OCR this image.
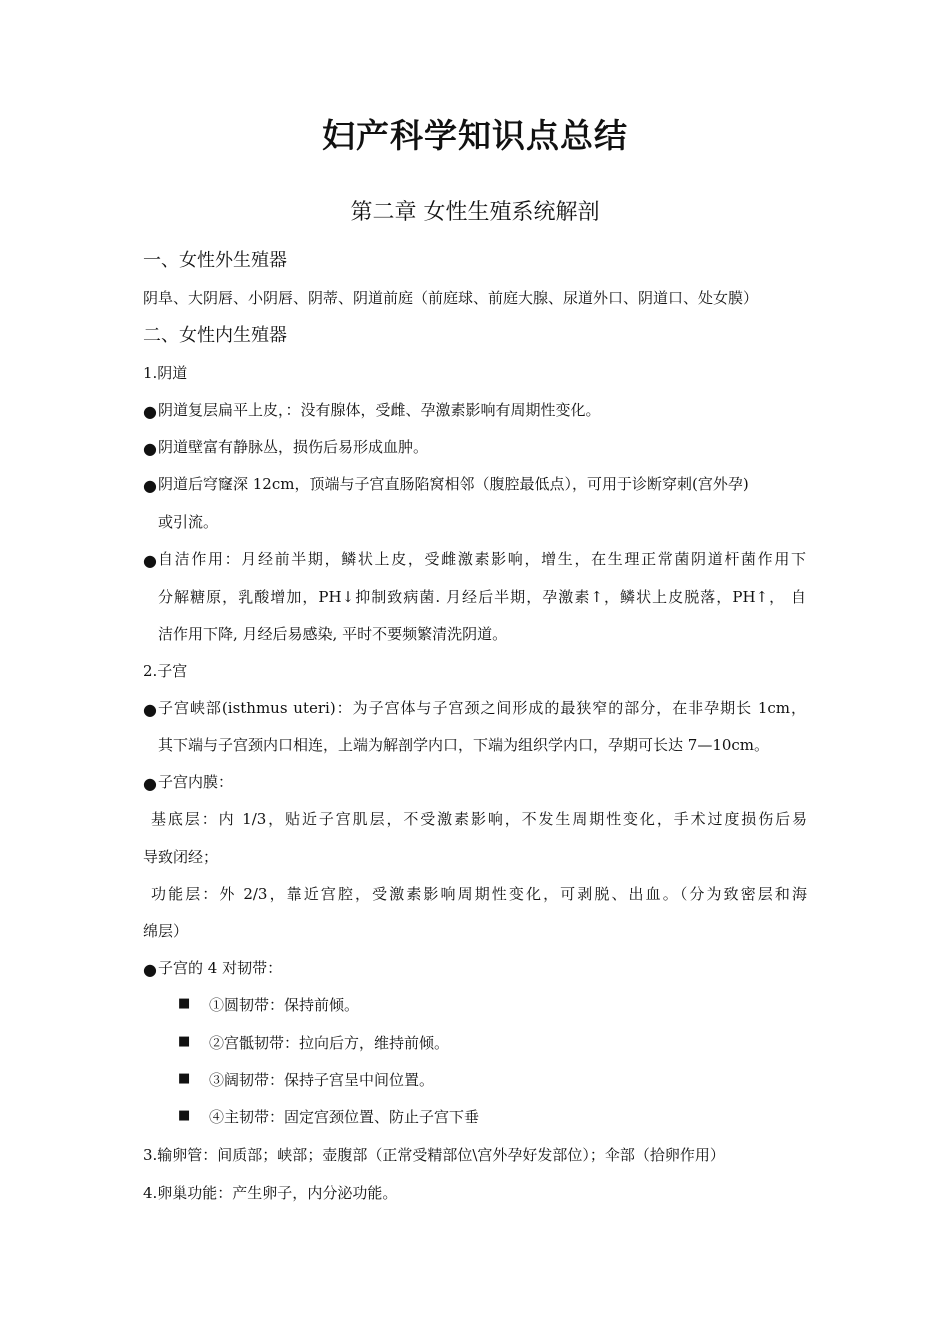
妇产科学知识点总结
第二章 女性生殖系统解剖
一、女性外生殖器
阴阜、大阴唇、小阴唇、阴蒂、阴道前庭（前庭球、前庭大腺、尿道外口、阴道口、处女膜）
二、女性内生殖器
1.阴道
● 阴道复层扁平上皮，：没有腺体，受雌、孕激素影响有周期性变化。
● 阴道壁富有静脉丛，损伤后易形成血肿。
● 阴道后穹窿深 12cm，顶端与子宫直肠陷窝相邻（腹腔最低点），可用于诊断穿刺(宫外孕)
或引流。
● 自洁作用：月经前半期，鳞状上皮，受雌激素影响，增生，在生理正常菌阴道杆菌作用下
分解糖原，乳酸增加，PH↓抑制致病菌. 月经后半期，孕激素↑，鳞状上皮脱落，PH↑， 自
洁作用下降, 月经后易感染, 平时不要频繁清洗阴道。
2.子宫
● 子宫峡部(isthmus uteri)：为子宫体与子宫颈之间形成的最狭窄的部分，在非孕期长 1cm，
其下端与子宫颈内口相连，上端为解剖学内口，下端为组织学内口，孕期可长达 7—10cm。
● 子宫内膜：
基底层：内 1/3，贴近子宫肌层，不受激素影响，不发生周期性变化，手术过度损伤后易
导致闭经；
功能层：外 2/3，靠近宫腔，受激素影响周期性变化，可剥脱、出血。（分为致密层和海
绵层）
● 子宫的 4 对韧带：
■ ①圆韧带：保持前倾。
■ ②宫骶韧带：拉向后方，维持前倾。
■ ③阔韧带：保持子宫呈中间位置。
■ ④主韧带：固定宫颈位置、防止子宫下垂
3.输卵管：间质部；峡部；壶腹部（正常受精部位\宫外孕好发部位）；伞部（拾卵作用）
4.卵巢功能：产生卵子，内分泌功能。
